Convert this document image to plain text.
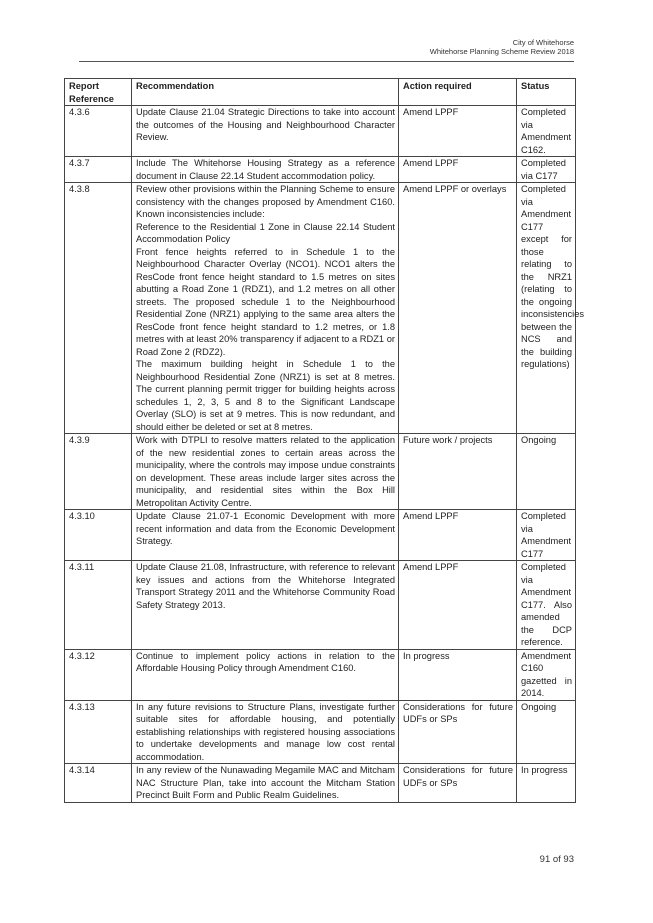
City of Whitehorse
Whitehorse Planning Scheme Review 2018
Report Reference	Recommendation	Action required	Status
4.3.6	Update Clause 21.04 Strategic Directions to take into account the outcomes of the Housing and Neighbourhood Character Review.	Amend LPPF	Completed via Amendment C162.
4.3.7	Include The Whitehorse Housing Strategy as a reference document in Clause 22.14 Student accommodation policy.	Amend LPPF	Completed via C177
4.3.8	Review other provisions within the Planning Scheme to ensure consistency with the changes proposed by Amendment C160. Known inconsistencies include:
Reference to the Residential 1 Zone in Clause 22.14 Student Accommodation Policy
Front fence heights referred to in Schedule 1 to the Neighbourhood Character Overlay (NCO1). NCO1 alters the ResCode front fence height standard to 1.5 metres on sites abutting a Road Zone 1 (RDZ1), and 1.2 metres on all other streets. The proposed schedule 1 to the Neighbourhood Residential Zone (NRZ1) applying to the same area alters the ResCode front fence height standard to 1.2 metres, or 1.8 metres with at least 20% transparency if adjacent to a RDZ1 or Road Zone 2 (RDZ2).
The maximum building height in Schedule 1 to the Neighbourhood Residential Zone (NRZ1) is set at 8 metres. The current planning permit trigger for building heights across schedules 1, 2, 3, 5 and 8 to the Significant Landscape Overlay (SLO) is set at 9 metres. This is now redundant, and should either be deleted or set at 8 metres.	Amend LPPF or overlays	Completed via Amendment C177 except for those relating to the NRZ1 (relating to the ongoing inconsistencies between the NCS and the building regulations)
4.3.9	Work with DTPLI to resolve matters related to the application of the new residential zones to certain areas across the municipality, where the controls may impose undue constraints on development. These areas include larger sites across the municipality, and residential sites within the Box Hill Metropolitan Activity Centre.	Future work / projects	Ongoing
4.3.10	Update Clause 21.07-1 Economic Development with more recent information and data from the Economic Development Strategy.	Amend LPPF	Completed via Amendment C177
4.3.11	Update Clause 21.08, Infrastructure, with reference to relevant key issues and actions from the Whitehorse Integrated Transport Strategy 2011 and the Whitehorse Community Road Safety Strategy 2013.	Amend LPPF	Completed via Amendment C177. Also amended the DCP reference.
4.3.12	Continue to implement policy actions in relation to the Affordable Housing Policy through Amendment C160.	In progress	Amendment C160 gazetted in 2014.
4.3.13	In any future revisions to Structure Plans, investigate further suitable sites for affordable housing, and potentially establishing relationships with registered housing associations to undertake developments and manage low cost rental accommodation.	Considerations for future UDFs or SPs	Ongoing
4.3.14	In any review of the Nunawading Megamile MAC and Mitcham NAC Structure Plan, take into account the Mitcham Station Precinct Built Form and Public Realm Guidelines.	Considerations for future UDFs or SPs	In progress
91 of 93
